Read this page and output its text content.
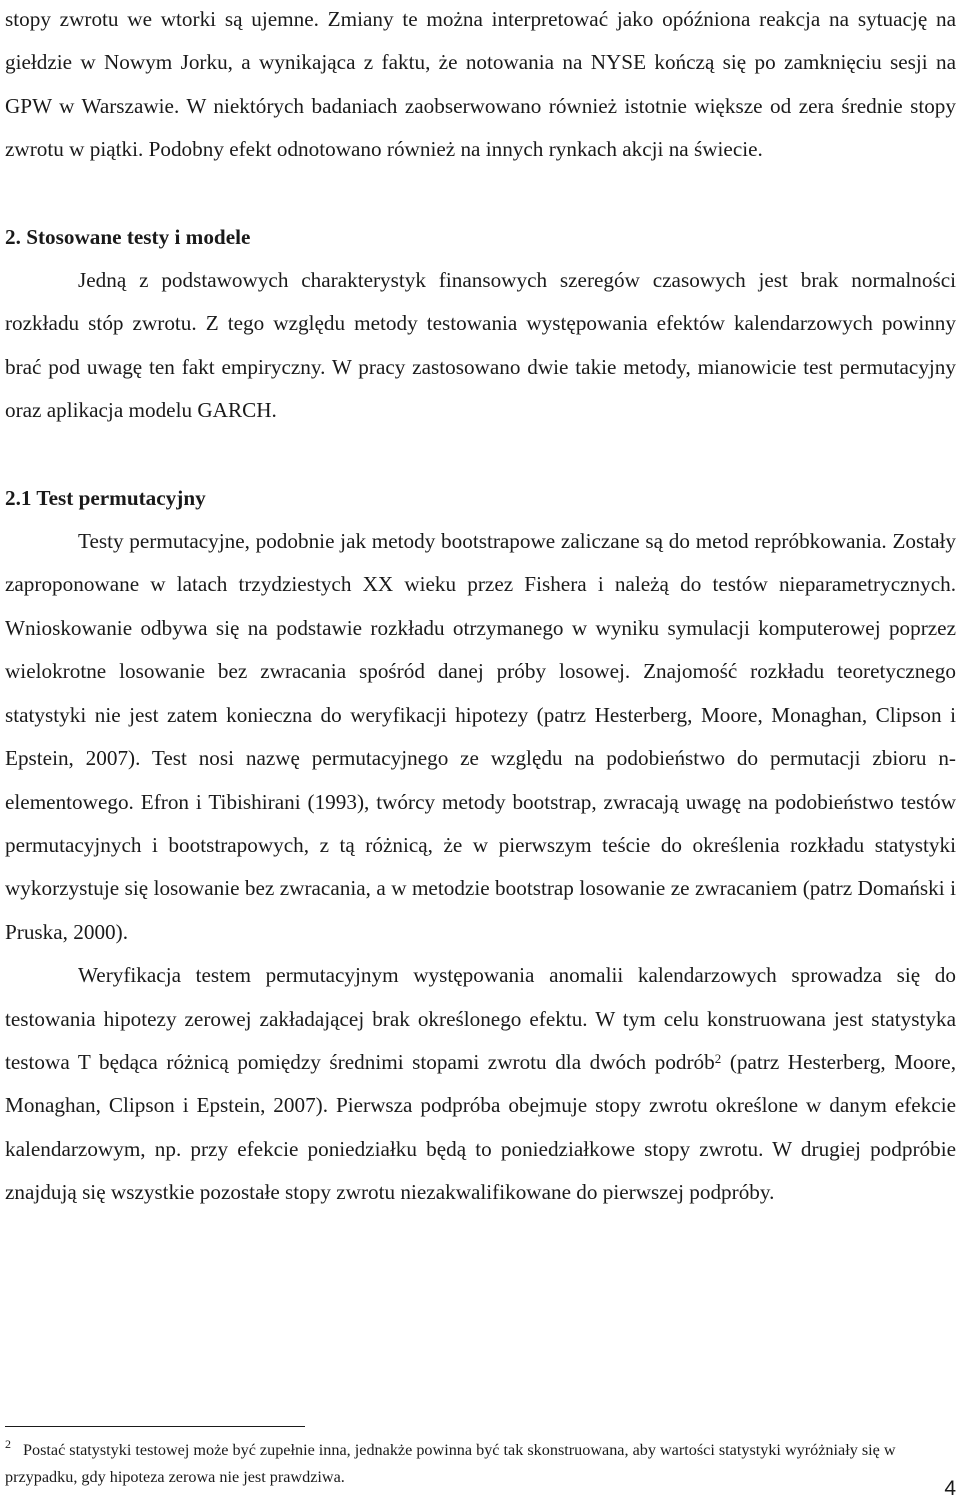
stopy zwrotu we wtorki są ujemne. Zmiany te można interpretować jako opóźniona reakcja na sytuację na giełdzie w Nowym Jorku, a wynikająca z faktu, że notowania na NYSE kończą się po zamknięciu sesji na GPW w Warszawie. W niektórych badaniach zaobserwowano również istotnie większe od zera średnie stopy zwrotu w piątki. Podobny efekt odnotowano również na innych rynkach akcji na świecie.

2. Stosowane testy i modele

Jedną z podstawowych charakterystyk finansowych szeregów czasowych jest brak normalności rozkładu stóp zwrotu. Z tego względu metody testowania występowania efektów kalendarzowych powinny brać pod uwagę ten fakt empiryczny. W pracy zastosowano dwie takie metody, mianowicie test permutacyjny oraz aplikacja modelu GARCH.

2.1 Test permutacyjny

Testy permutacyjne, podobnie jak metody bootstrapowe zaliczane są do metod repróbkowania. Zostały zaproponowane w latach trzydziestych XX wieku przez Fishera i należą do testów nieparametrycznych. Wnioskowanie odbywa się na podstawie rozkładu otrzymanego w wyniku symulacji komputerowej poprzez wielokrotne losowanie bez zwracania spośród danej próby losowej. Znajomość rozkładu teoretycznego statystyki nie jest zatem konieczna do weryfikacji hipotezy (patrz Hesterberg, Moore, Monaghan, Clipson i Epstein, 2007). Test nosi nazwę permutacyjnego ze względu na podobieństwo do permutacji zbioru n-elementowego. Efron i Tibishirani (1993), twórcy metody bootstrap, zwracają uwagę na podobieństwo testów permutacyjnych i bootstrapowych, z tą różnicą, że w pierwszym teście do określenia rozkładu statystyki wykorzystuje się losowanie bez zwracania, a w metodzie bootstrap losowanie ze zwracaniem (patrz Domański i Pruska, 2000).

Weryfikacja testem permutacyjnym występowania anomalii kalendarzowych sprowadza się do testowania hipotezy zerowej zakładającej brak określonego efektu. W tym celu konstruowana jest statystyka testowa T będąca różnicą pomiędzy średnimi stopami zwrotu dla dwóch podrób$^2$ (patrz Hesterberg, Moore, Monaghan, Clipson i Epstein, 2007). Pierwsza podpróba obejmuje stopy zwrotu określone w danym efekcie kalendarzowym, np. przy efekcie poniedziałku będą to poniedziałkowe stopy zwrotu. W drugiej podpróbie znajdują się wszystkie pozostałe stopy zwrotu niezakwalifikowane do pierwszej podpróby.

$^2$ Postać statystyki testowej może być zupełnie inna, jednakże powinna być tak skonstruowana, aby wartości statystyki wyróżniały się w przypadku, gdy hipoteza zerowa nie jest prawdziwa.	4
